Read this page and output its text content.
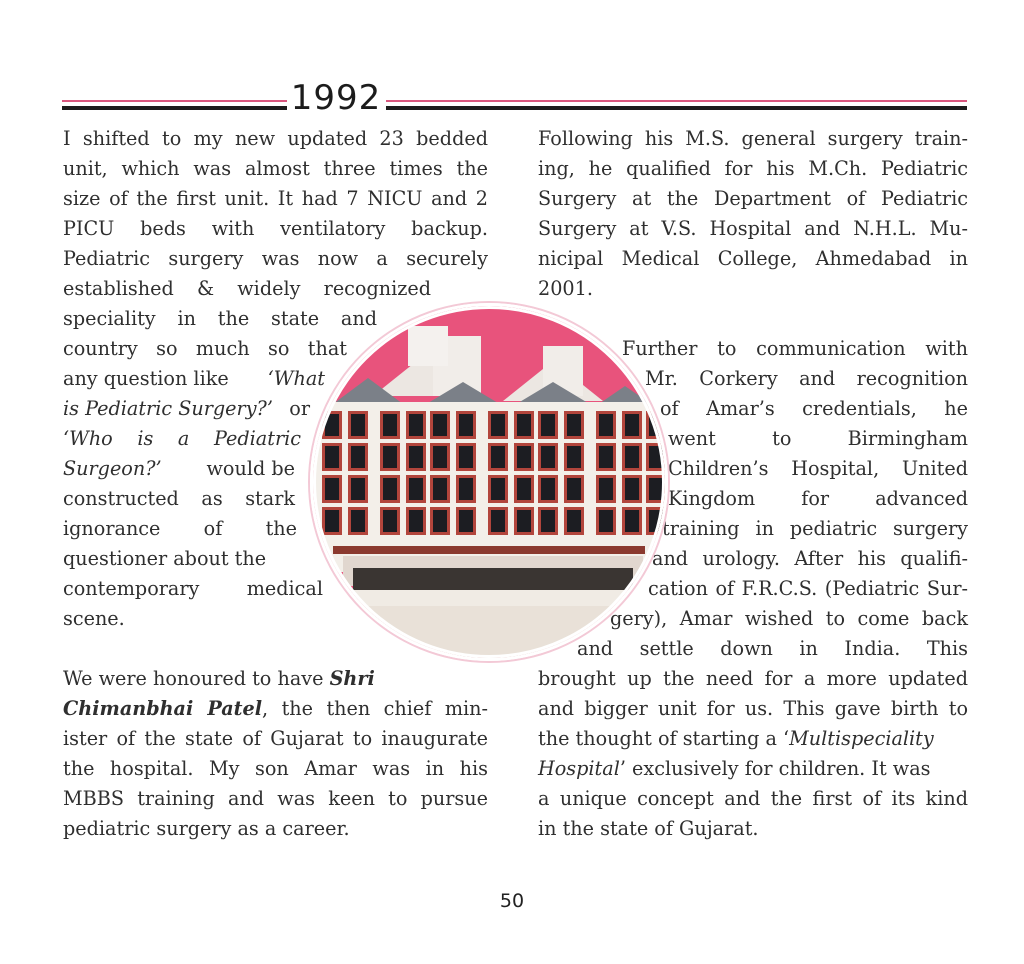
1992
I shifted to my new updated 23 bedded
unit, which was almost three times the
size of the first unit. It had 7 NICU and 2
PICU beds with ventilatory backup.
Pediatric surgery was now a securely
established & widely recognized
speciality in the state and
country so much so that
any question like ‘What
is Pediatric Surgery?’ or
‘Who is a Pediatric
Surgeon?’ would be
constructed as stark
ignorance of the
questioner about the
contemporary medical
scene.
We were honoured to have Shri
Chimanbhai Patel, the then chief min-
ister of the state of Gujarat to inaugurate
the hospital. My son Amar was in his
MBBS training and was keen to pursue
pediatric surgery as a career.
Following his M.S. general surgery train-
ing, he qualified for his M.Ch. Pediatric
Surgery at the Department of Pediatric
Surgery at V.S. Hospital and N.H.L. Mu-
nicipal Medical College, Ahmedabad in
2001.
Further to communication with
Mr. Corkery and recognition
of Amar’s credentials, he
went to Birmingham
Children’s Hospital, United
Kingdom for advanced
training in pediatric surgery
and urology. After his qualifi-
cation of F.R.C.S. (Pediatric Sur-
gery), Amar wished to come back
and settle down in India. This
brought up the need for a more updated
and bigger unit for us. This gave birth to
the thought of starting a ‘Multispeciality
Hospital’ exclusively for children. It was
a unique concept and the first of its kind
in the state of Gujarat.
50
